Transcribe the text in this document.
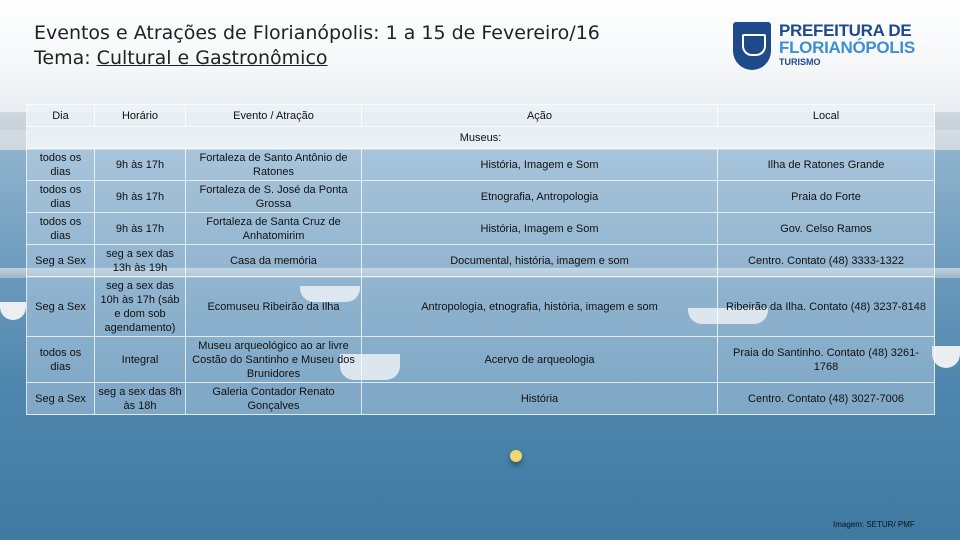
Eventos e Atrações de Florianópolis: 1 a 15 de Fevereiro/16
Tema: Cultural e Gastronômico
PREFEITURA DE
FLORIANÓPOLIS
TURISMO
Dia	Horário	Evento / Atração	Ação	Local
Museus:				
todos os dias	9h às 17h	Fortaleza de Santo Antônio de Ratones	História, Imagem e Som	Ilha de Ratones Grande
todos os dias	9h às 17h	Fortaleza de S. José da Ponta Grossa	Etnografia, Antropologia	Praia do Forte
todos os dias	9h às 17h	Fortaleza de Santa Cruz de Anhatomirim	História, Imagem e Som	Gov. Celso Ramos
Seg a Sex	seg a sex das 13h às 19h	Casa da memória	Documental, história, imagem e som	Centro. Contato (48) 3333-1322
Seg a Sex	seg a sex das 10h às 17h (sáb e dom sob agendamento)	Ecomuseu Ribeirão da Ilha	Antropologia, etnografia, história, imagem e som	Ribeirão da Ilha. Contato (48) 3237-8148
todos os dias	Integral	Museu arqueológico ao ar livre Costão do Santinho e Museu dos Brunidores	Acervo de arqueologia	Praia do Santinho. Contato (48) 3261-1768
Seg a Sex	seg a sex das 8h às 18h	Galeria Contador Renato Gonçalves	História	Centro. Contato (48) 3027-7006
Imagem: SETUR/ PMF
